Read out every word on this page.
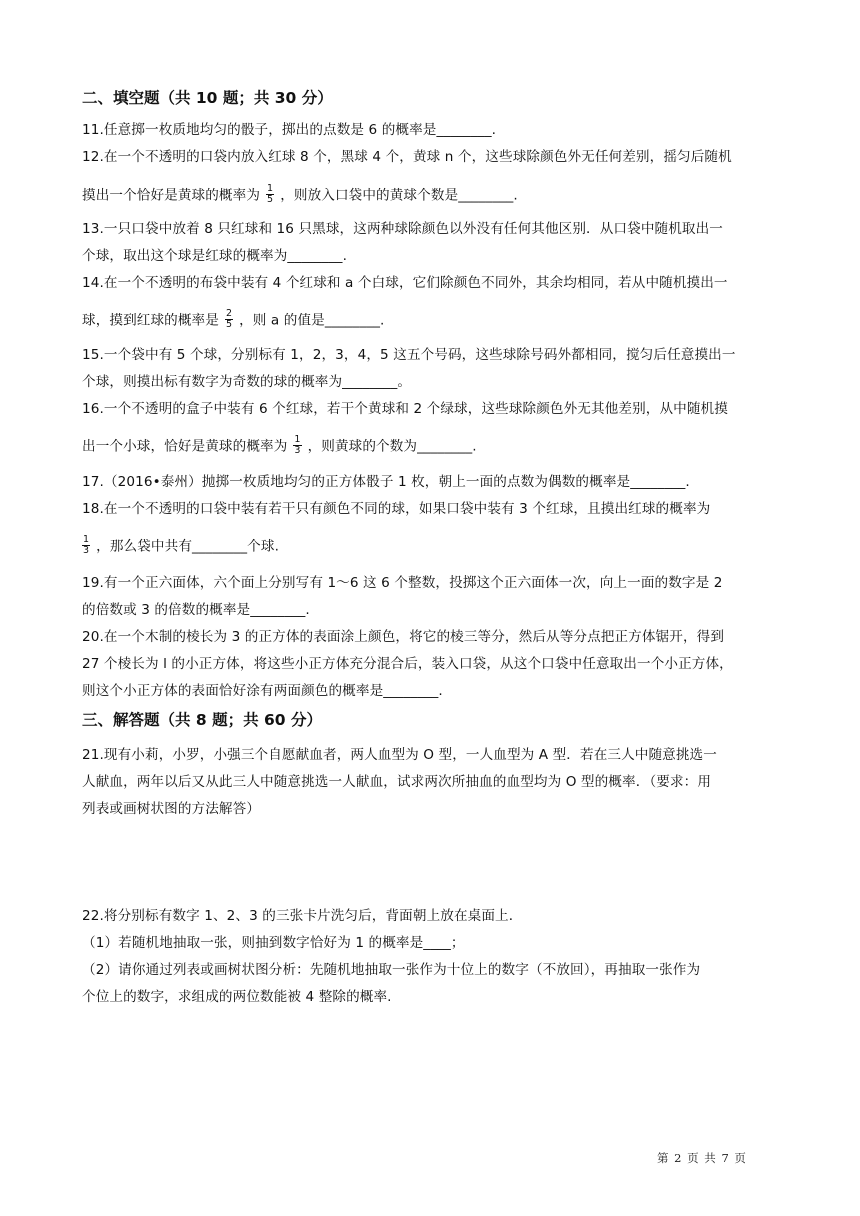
二、填空题（共 10 题；共 30 分）
11.任意掷一枚质地均匀的骰子，掷出的点数是 6 的概率是________.
12.在一个不透明的口袋内放入红球 8 个，黑球 4 个，黄球 n 个，这些球除颜色外无任何差别，摇匀后随机
摸出一个恰好是黄球的概率为 $\frac{1}{5}$ ，则放入口袋中的黄球个数是________.
13.一只口袋中放着 8 只红球和 16 只黑球，这两种球除颜色以外没有任何其他区别．从口袋中随机取出一
个球，取出这个球是红球的概率为________.
14.在一个不透明的布袋中装有 4 个红球和 a 个白球，它们除颜色不同外，其余均相同，若从中随机摸出一
球，摸到红球的概率是 $\frac{2}{5}$ ，则 a 的值是________.
15.一个袋中有 5 个球，分别标有 1，2，3，4，5 这五个号码，这些球除号码外都相同，搅匀后任意摸出一
个球，则摸出标有数字为奇数的球的概率为________。
16.一个不透明的盒子中装有 6 个红球，若干个黄球和 2 个绿球，这些球除颜色外无其他差别，从中随机摸
出一个小球，恰好是黄球的概率为 $\frac{1}{3}$ ，则黄球的个数为________.
17.（2016•泰州）抛掷一枚质地均匀的正方体骰子 1 枚，朝上一面的点数为偶数的概率是________.
18.在一个不透明的口袋中装有若干只有颜色不同的球，如果口袋中装有 3 个红球，且摸出红球的概率为
$\frac{1}{3}$ ，那么袋中共有________个球.
19.有一个正六面体，六个面上分别写有 1～6 这 6 个整数，投掷这个正六面体一次，向上一面的数字是 2
的倍数或 3 的倍数的概率是________.
20.在一个木制的棱长为 3 的正方体的表面涂上颜色，将它的棱三等分，然后从等分点把正方体锯开，得到
27 个棱长为 l 的小正方体，将这些小正方体充分混合后，装入口袋，从这个口袋中任意取出一个小正方体，
则这个小正方体的表面恰好涂有两面颜色的概率是________.
三、解答题（共 8 题；共 60 分）
21.现有小莉，小罗，小强三个自愿献血者，两人血型为 O 型，一人血型为 A 型．若在三人中随意挑选一
人献血，两年以后又从此三人中随意挑选一人献血，试求两次所抽血的血型均为 O 型的概率．（要求：用
列表或画树状图的方法解答）
22.将分别标有数字 1、2、3 的三张卡片洗匀后，背面朝上放在桌面上．
（1）若随机地抽取一张，则抽到数字恰好为 1 的概率是____；
（2）请你通过列表或画树状图分析：先随机地抽取一张作为十位上的数字（不放回），再抽取一张作为
个位上的数字，求组成的两位数能被 4 整除的概率.
第 2 页 共 7 页
